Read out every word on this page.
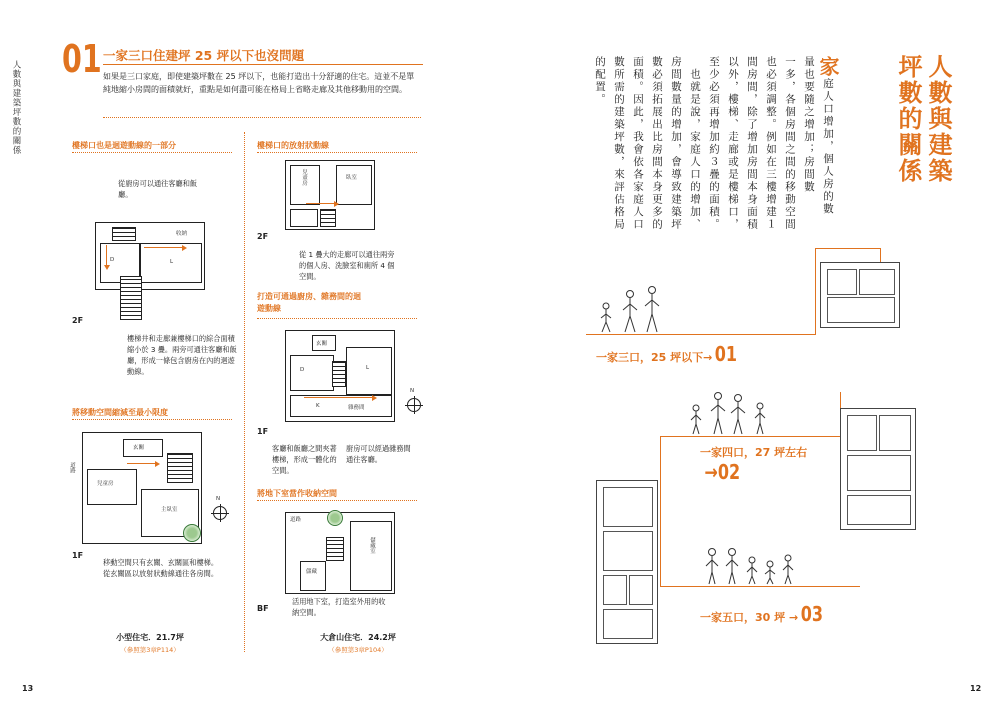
人數與建築坪數的關係
01 一家三口住建坪 25 坪以下也沒問題
如果是三口家庭，即使建築坪數在 25 坪以下，也能打造出十分舒適的住宅。這並不是單純地縮小房間的面積就好，重點是如何盡可能在格局上省略走廊及其他移動用的空間。
樓梯口也是迴遊動線的一部分
從廚房可以通往客廳和飯廳。
D	L
收納
2F
樓梯井和走廊兼樓梯口的綜合面積縮小於 3 疊。兩旁可通往客廳和飯廳，形成一條包含廚房在內的迴遊動線。
將移動空間縮減至最小限度
玄關
兒童房
主臥室
N
道路
1F
移動空間只有玄關、玄關區和樓梯。從玄關區以放射狀動線通往各房間。
小型住宅．21.7坪
（參照第3章P114）
樓梯口的放射狀動線
兒童房	臥室
2F
從 1 疊大的走廊可以通往兩旁的個人房、洗臉室和廁所 4 個空間。
打造可通過廚房、雜務間的迴遊動線
玄關
D	L
K	雜務間
N
1F
客廳和飯廳之間夾著樓梯，形成一體化的空間。
廚房可以經過雜務間通往客廳。
將地下室當作收納空間
道路
儲藏
儲藏室
活用地下室，打造室外用的收納空間。
BF
大倉山住宅．24.2坪
（參照第3章P104）
13
人數與建築
坪數的關係
家庭人口增加，個人房的數
量也要隨之增加；房間數
一多，各個房間之間的移動空間
也必須調整。例如在三樓增建１
間房間，除了增加房間本身面積
以外，樓梯、走廊或是樓梯口，
至少必須再增加約３疊的面積。
　也就是說，家庭人口的增加、
房間數量的增加，會導致建築坪
數必須拓展出比房間本身更多的
面積。因此，我會依各家庭人口
數所需的建築坪數，來評估格局
的配置。
一家三口，25 坪以下→ 01
一家四口，27 坪左右
→02
一家五口，30 坪 → 03
12
